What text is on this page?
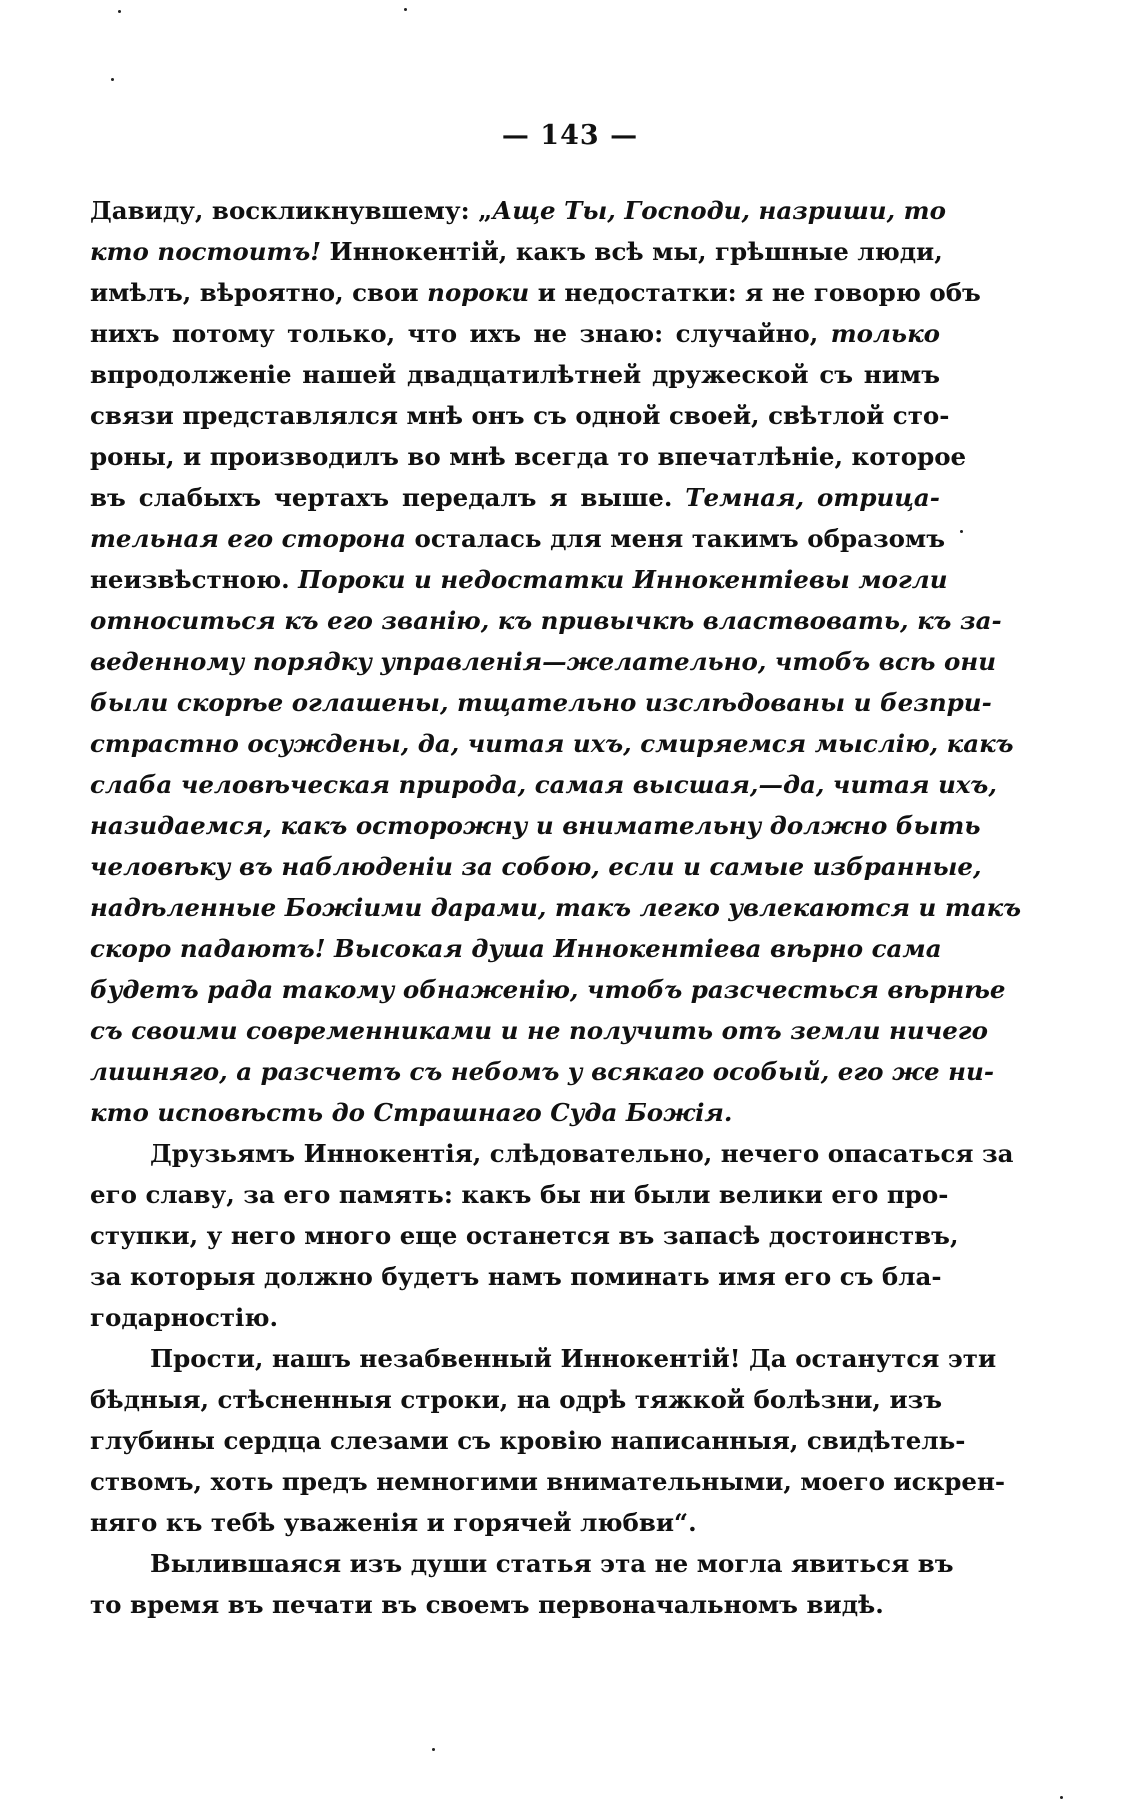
— 143 —
Давиду, воскликнувшему: „Аще Ты, Господи, назриши, то
кто постоитъ! Иннокентій, какъ всѣ мы, грѣшные люди,
имѣлъ, вѣроятно, свои пороки и недостатки: я не говорю объ
нихъ потому только, что ихъ не знаю: случайно, только
впродолженіе нашей двадцатилѣтней дружеской съ нимъ
связи представлялся мнѣ онъ съ одной своей, свѣтлой сто-
роны, и производилъ во мнѣ всегда то впечатлѣніе, которое
въ слабыхъ чертахъ передалъ я выше. Темная, отрица-
тельная его сторона осталась для меня такимъ образомъ
неизвѣстною. Пороки и недостатки Иннокентіевы могли
относиться къ его званію, къ привычкѣ властвовать, къ за-
веденному порядку управленія—желательно, чтобъ всѣ они
были скорѣе оглашены, тщательно изслѣдованы и безпри-
страстно осуждены, да, читая ихъ, смиряемся мыслію, какъ
слаба человѣческая природа, самая высшая,—да, читая ихъ,
назидаемся, какъ осторожну и внимательну должно быть
человѣку въ наблюденіи за собою, если и самые избранные,
надѣленные Божіими дарами, такъ легко увлекаются и такъ
скоро падаютъ! Высокая душа Иннокентіева вѣрно сама
будетъ рада такому обнаженію, чтобъ разсчесться вѣрнѣе
съ своими современниками и не получить отъ земли ничего
лишняго, а разсчетъ съ небомъ у всякаго особый, его же ни-
кто исповѣсть до Страшнаго Суда Божія.
Друзьямъ Иннокентія, слѣдовательно, нечего опасаться за
его славу, за его память: какъ бы ни были велики его про-
ступки, у него много еще останется въ запасѣ достоинствъ,
за которыя должно будетъ намъ поминать имя его съ бла-
годарностію.
Прости, нашъ незабвенный Иннокентій! Да останутся эти
бѣдныя, стѣсненныя строки, на одрѣ тяжкой болѣзни, изъ
глубины сердца слезами съ кровію написанныя, свидѣтель-
ствомъ, хоть предъ немногими внимательными, моего искрен-
няго къ тебѣ уваженія и горячей любви“.
Вылившаяся изъ души статья эта не могла явиться въ
то время въ печати въ своемъ первоначальномъ видѣ.
